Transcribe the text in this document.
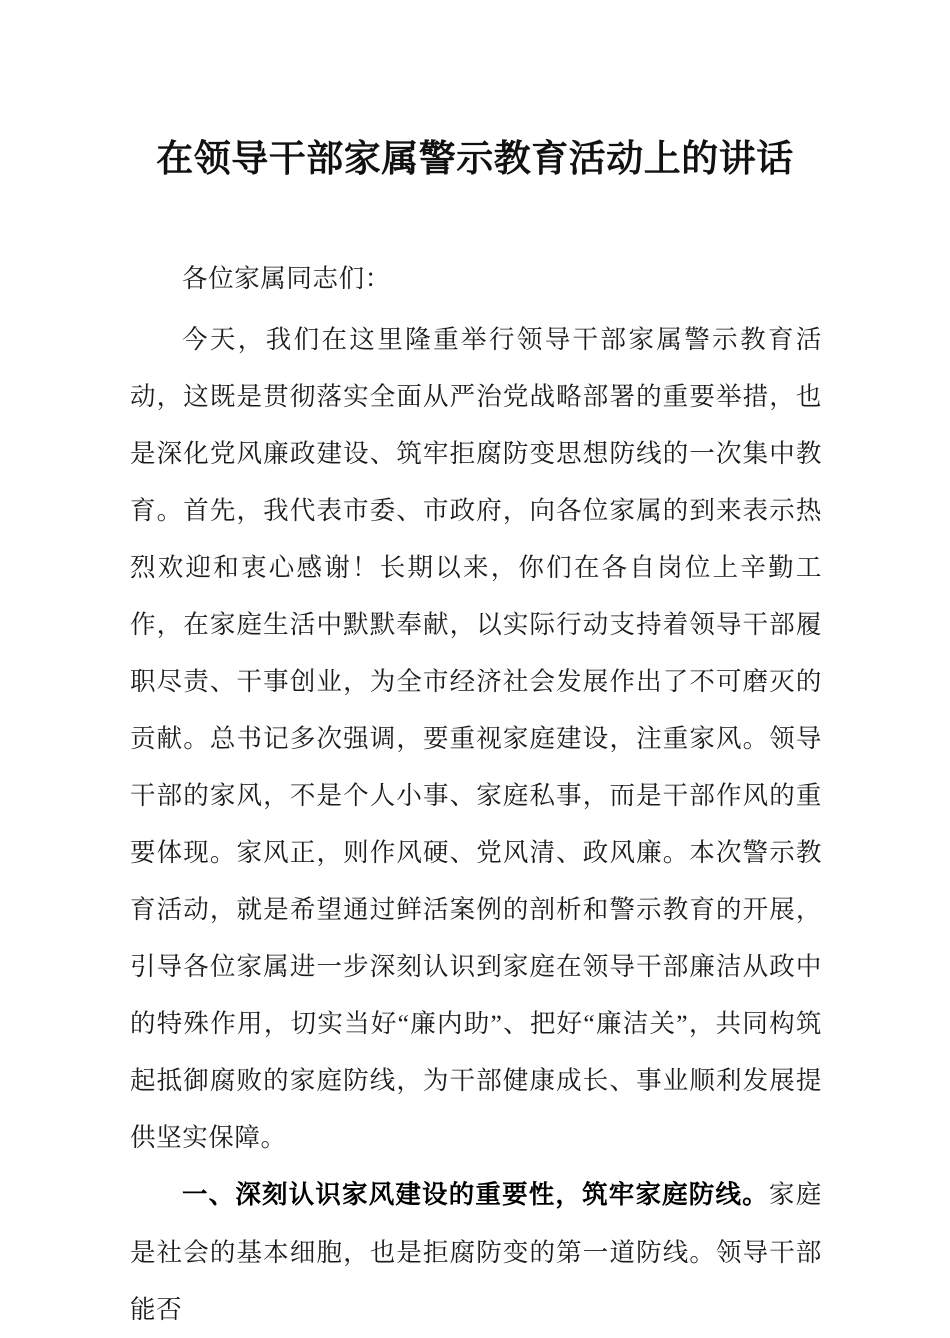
在领导干部家属警示教育活动上的讲话

各位家属同志们：

今天，我们在这里隆重举行领导干部家属警示教育活动，这既是贯彻落实全面从严治党战略部署的重要举措，也是深化党风廉政建设、筑牢拒腐防变思想防线的一次集中教育。首先，我代表市委、市政府，向各位家属的到来表示热烈欢迎和衷心感谢！长期以来，你们在各自岗位上辛勤工作，在家庭生活中默默奉献，以实际行动支持着领导干部履职尽责、干事创业，为全市经济社会发展作出了不可磨灭的贡献。总书记多次强调，要重视家庭建设，注重家风。领导干部的家风，不是个人小事、家庭私事，而是干部作风的重要体现。家风正，则作风硬、党风清、政风廉。本次警示教育活动，就是希望通过鲜活案例的剖析和警示教育的开展，引导各位家属进一步深刻认识到家庭在领导干部廉洁从政中的特殊作用，切实当好“廉内助”、把好“廉洁关”，共同构筑起抵御腐败的家庭防线，为干部健康成长、事业顺利发展提供坚实保障。

一、深刻认识家风建设的重要性，筑牢家庭防线。家庭是社会的基本细胞，也是拒腐防变的第一道防线。领导干部能否
